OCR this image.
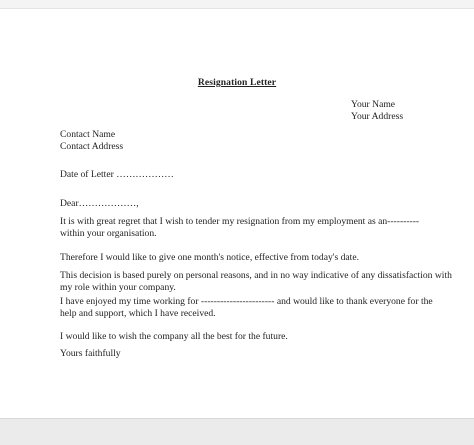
Resignation Letter
Your Name
Your Address
Contact Name
Contact Address
Date of Letter ………………
Dear………………,
It is with great regret that I wish to tender my resignation from my employment as an----------
within your organisation.
Therefore I would like to give one month's notice, effective from today's date.
This decision is based purely on personal reasons, and in no way indicative of any dissatisfaction with
my role within your company.
I have enjoyed my time working for ----------------------- and would like to thank everyone for the
help and support, which I have received.
I would like to wish the company all the best for the future.
Yours faithfully
